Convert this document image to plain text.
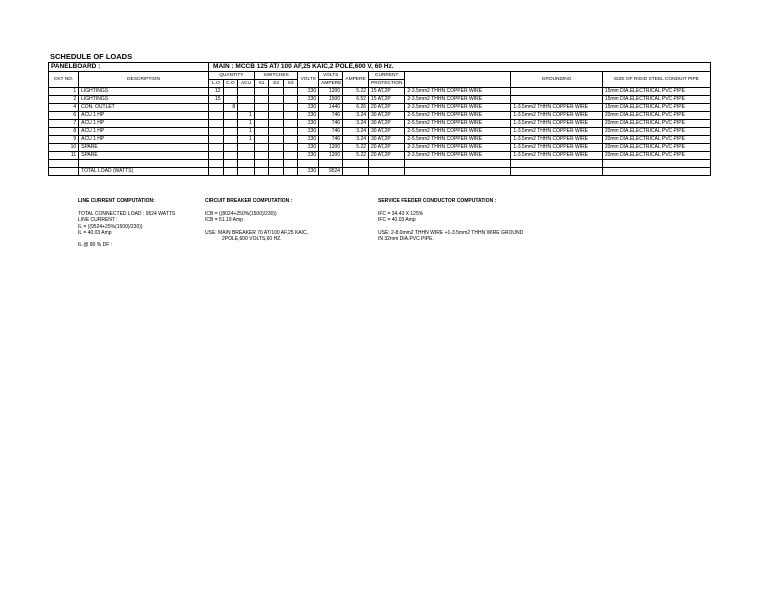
SCHEDULE OF LOADS
PANELBOARD :		MAIN : MCCB 125 AT/ 100 AF,25 KAIC,2 POLE,600 V, 60 Hz.												
CKT NO.	DESCRIPTION	QUANTITY			SWITCHES			VOLTS	VOLTS	AMPERE	CURRENT		GROUNDING	SIZE OF RIGID STEEL CONDUIT PIPE
		L.O	C.O	ACU	S1	S2	S3		AMPERE		PROTECTION			
1	LIGHTINGS	12						230	1200	5.22	15 AT,2P	2-3.5mm2 THHN COPPER WIRE		15mm DIA.ELECTRICAL PVC PIPE
2	LIGHTINGS	15						230	1500	6.52	15 AT,2P	2-3.5mm2 THHN COPPER WIRE		15mm DIA.ELECTRICAL PVC PIPE
4	CON. OUTLET		8					230	1440	6.26	20 AT,2P	2-3.5mm2 THHN COPPER WIRE	1-3.5mm2 THHN COPPER WIRE	15mm DIA.ELECTRICAL PVC PIPE
6	ACU 1 HP			1				230	746	3.24	30 AT,2P	2-5.5mm2 THHN COPPER WIRE	1-3.5mm2 THHN COPPER WIRE	20mm DIA.ELECTRICAL PVC PIPE
7	ACU 1 HP			1				230	746	3.24	30 AT,2P	2-5.5mm2 THHN COPPER WIRE	1-3.5mm2 THHN COPPER WIRE	20mm DIA.ELECTRICAL PVC PIPE
8	ACU 1 HP			1				230	746	3.24	30 AT,2P	2-5.5mm2 THHN COPPER WIRE	1-3.5mm2 THHN COPPER WIRE	20mm DIA.ELECTRICAL PVC PIPE
9	ACU 1 HP			1				230	746	3.24	30 AT,2P	2-5.5mm2 THHN COPPER WIRE	1-3.5mm2 THHN COPPER WIRE	20mm DIA.ELECTRICAL PVC PIPE
10	SPARE							230	1200	5.22	20 AT,2P	2-3.5mm2 THHN COPPER WIRE	1-3.5mm2 THHN COPPER WIRE	20mm DIA.ELECTRICAL PVC PIPE
11	SPARE							230	1200	5.22	20 AT,2P	2-3.5mm2 THHN COPPER WIRE	1-3.5mm2 THHN COPPER WIRE	20mm DIA.ELECTRICAL PVC PIPE

	TOTAL LOAD (WATTS)							230	9524					
LINE CURRENT COMPUTATION:
TOTAL CONNECTED LOAD : 9524 WATTS
LINE CURRENT :
IL = ((9524+25%(1500)/230))
IL = 40.03 Amp
IL @ 80 % DF :
CIRCUIT BREAKER COMPUTATION :
ICB = ((8024+250%(1500)/230))
ICB = 51.19 Amp
USE: MAIN BREAKER 70 AT/100 AF,25 KAIC,
2POLE,600 VOLTS,60 HZ.
SERVICE FEEDER CONDUCTOR COMPUTATION :
IFC = 34.43 X 125%
IFC = 40.03 Amp
USE: 2-8.0mm2 THHN WIRE +1-3.5mm2 THHN WIRE GROUND
IN 32mm DIA.PVC PIPE.
